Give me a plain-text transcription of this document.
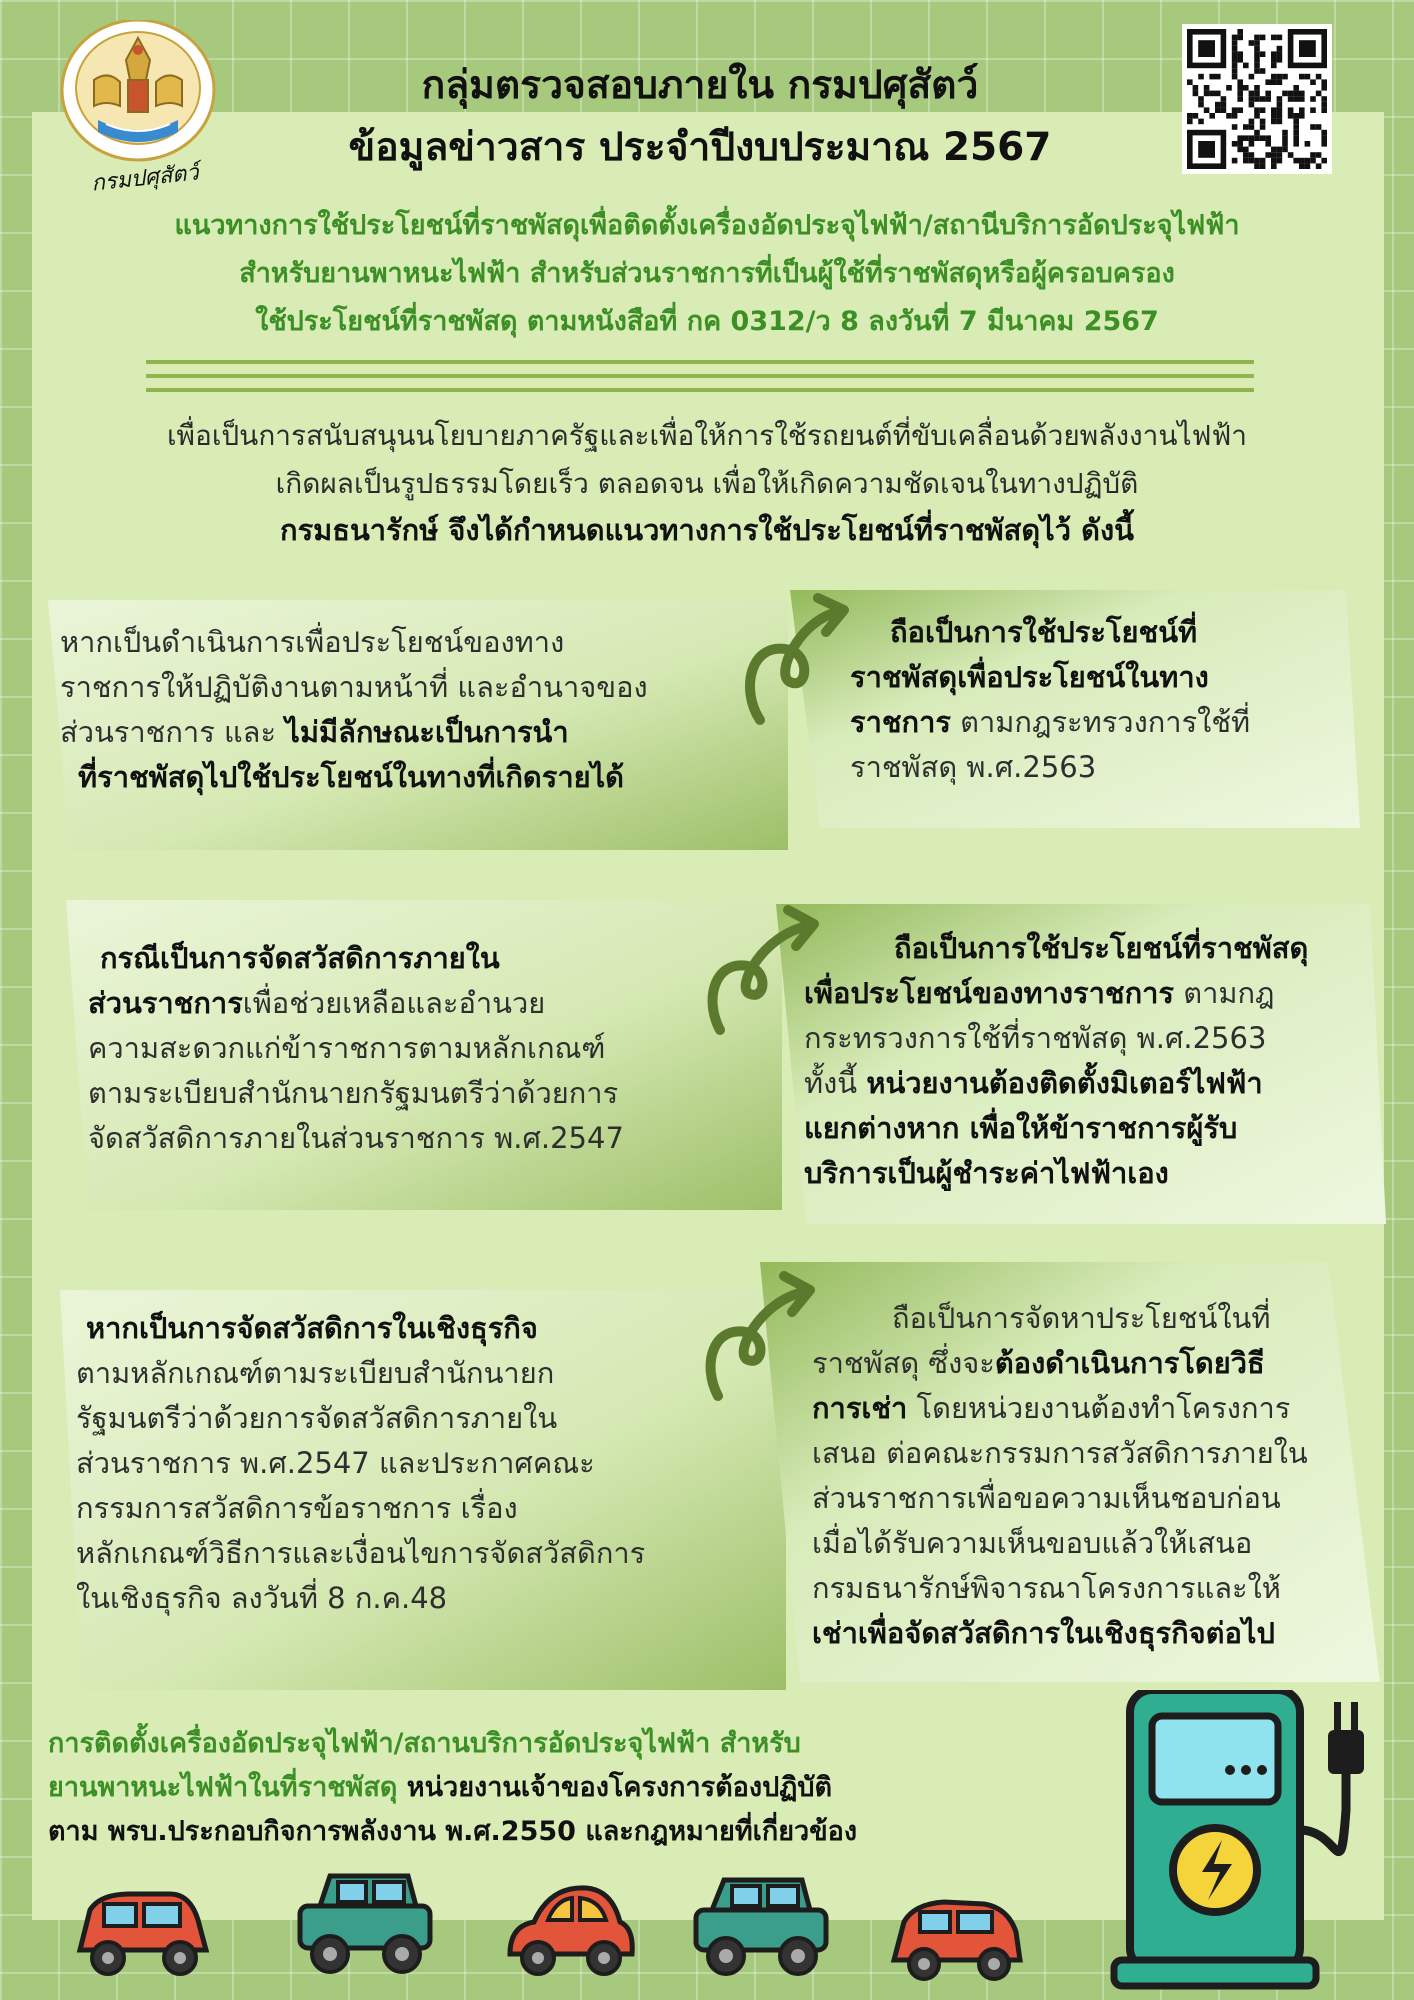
กรมปศุสัตว์
กลุ่มตรวจสอบภายใน กรมปศุสัตว์
ข้อมูลข่าวสาร ประจำปีงบประมาณ 2567
แนวทางการใช้ประโยชน์ที่ราชพัสดุเพื่อติดตั้งเครื่องอัดประจุไฟฟ้า/สถานีบริการอัดประจุไฟฟ้า
สำหรับยานพาหนะไฟฟ้า สำหรับส่วนราชการที่เป็นผู้ใช้ที่ราชพัสดุหรือผู้ครอบครอง
ใช้ประโยชน์ที่ราชพัสดุ ตามหนังสือที่ กค 0312/ว 8 ลงวันที่ 7 มีนาคม 2567
เพื่อเป็นการสนับสนุนนโยบายภาครัฐและเพื่อให้การใช้รถยนต์ที่ขับเคลื่อนด้วยพลังงานไฟฟ้า
เกิดผลเป็นรูปธรรมโดยเร็ว ตลอดจน เพื่อให้เกิดความชัดเจนในทางปฏิบัติ
กรมธนารักษ์ จึงได้กำหนดแนวทางการใช้ประโยชน์ที่ราชพัสดุไว้ ดังนี้
หากเป็นดำเนินการเพื่อประโยชน์ของทาง
ราชการให้ปฏิบัติงานตามหน้าที่ และอำนาจของ
ส่วนราชการ และ ไม่มีลักษณะเป็นการนำ
ที่ราชพัสดุไปใช้ประโยชน์ในทางที่เกิดรายได้
ถือเป็นการใช้ประโยชน์ที่
ราชพัสดุเพื่อประโยชน์ในทาง
ราชการ ตามกฎระทรวงการใช้ที่
ราชพัสดุ พ.ศ.2563
กรณีเป็นการจัดสวัสดิการภายใน
ส่วนราชการเพื่อช่วยเหลือและอำนวย
ความสะดวกแก่ข้าราชการตามหลักเกณฑ์
ตามระเบียบสำนักนายกรัฐมนตรีว่าด้วยการ
จัดสวัสดิการภายในส่วนราชการ พ.ศ.2547
ถือเป็นการใช้ประโยชน์ที่ราชพัสดุ
เพื่อประโยชน์ของทางราชการ ตามกฎ
กระทรวงการใช้ที่ราชพัสดุ พ.ศ.2563
ทั้งนี้ หน่วยงานต้องติดตั้งมิเตอร์ไฟฟ้า
แยกต่างหาก เพื่อให้ข้าราชการผู้รับ
บริการเป็นผู้ชำระค่าไฟฟ้าเอง
หากเป็นการจัดสวัสดิการในเชิงธุรกิจ
ตามหลักเกณฑ์ตามระเบียบสำนักนายก
รัฐมนตรีว่าด้วยการจัดสวัสดิการภายใน
ส่วนราชการ พ.ศ.2547 และประกาศคณะ
กรรมการสวัสดิการข้อราชการ เรื่อง
หลักเกณฑ์วิธีการและเงื่อนไขการจัดสวัสดิการ
ในเชิงธุรกิจ ลงวันที่ 8 ก.ค.48
ถือเป็นการจัดหาประโยชน์ในที่
ราชพัสดุ ซึ่งจะต้องดำเนินการโดยวิธี
การเช่า โดยหน่วยงานต้องทำโครงการ
เสนอ ต่อคณะกรรมการสวัสดิการภายใน
ส่วนราชการเพื่อขอความเห็นชอบก่อน
เมื่อได้รับความเห็นขอบแล้วให้เสนอ
กรมธนารักษ์พิจารณาโครงการและให้
เช่าเพื่อจัดสวัสดิการในเชิงธุรกิจต่อไป
การติดตั้งเครื่องอัดประจุไฟฟ้า/สถานบริการอัดประจุไฟฟ้า สำหรับ
ยานพาหนะไฟฟ้าในที่ราชพัสดุ หน่วยงานเจ้าของโครงการต้องปฏิบัติ
ตาม พรบ.ประกอบกิจการพลังงาน พ.ศ.2550 และกฎหมายที่เกี่ยวข้อง
